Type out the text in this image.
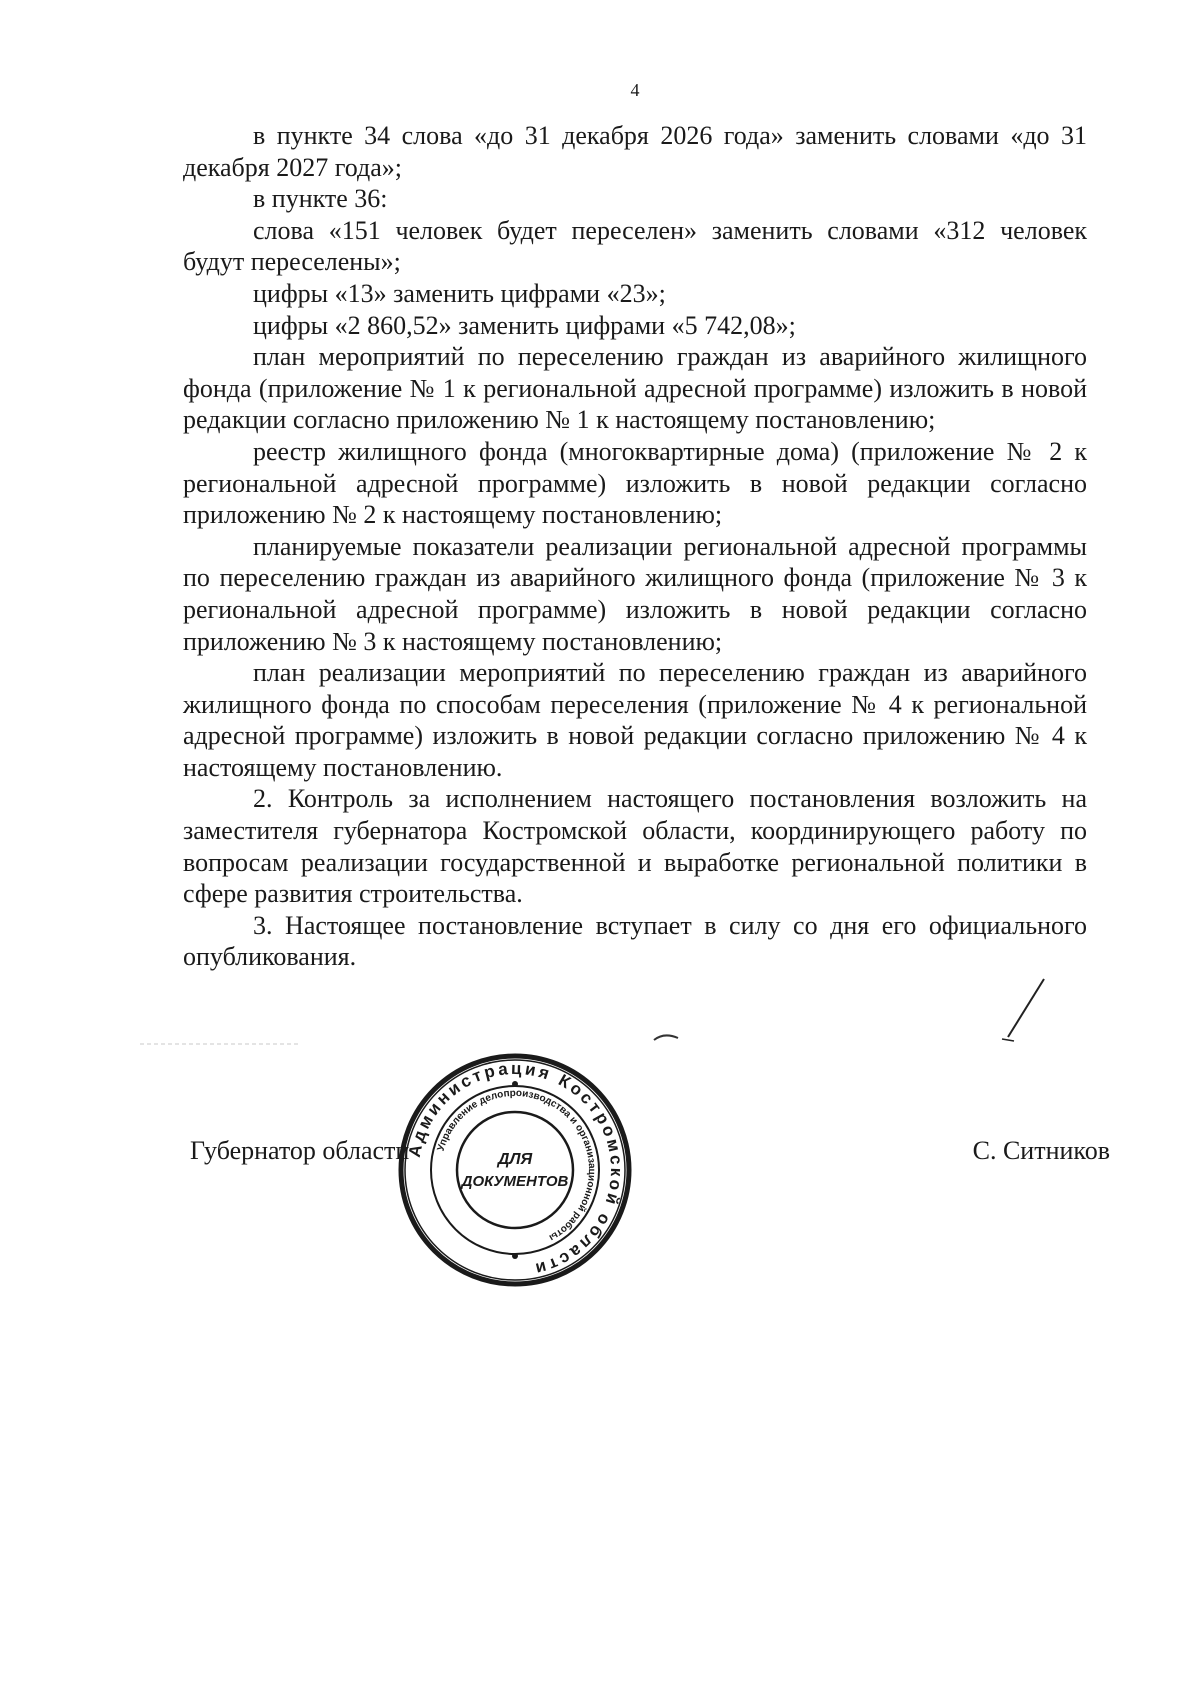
4

в пункте 34 слова «до 31 декабря 2026 года» заменить словами «до 31 декабря 2027 года»;

в пункте 36:

слова «151 человек будет переселен» заменить словами «312 человек будут переселены»;

цифры «13» заменить цифрами «23»;

цифры «2 860,52» заменить цифрами «5 742,08»;

план мероприятий по переселению граждан из аварийного жилищного фонда (приложение № 1 к региональной адресной программе) изложить в новой редакции согласно приложению № 1 к настоящему постановлению;

реестр жилищного фонда (многоквартирные дома) (приложение № 2 к региональной адресной программе) изложить в новой редакции согласно приложению № 2 к настоящему постановлению;

планируемые показатели реализации региональной адресной программы по переселению граждан из аварийного жилищного фонда (приложение № 3 к региональной адресной программе) изложить в новой редакции согласно приложению № 3 к настоящему постановлению;

план реализации мероприятий по переселению граждан из аварийного жилищного фонда по способам переселения (приложение № 4 к региональной адресной программе) изложить в новой редакции согласно приложению № 4 к настоящему постановлению.

2. Контроль за исполнением настоящего постановления возложить на заместителя губернатора Костромской области, координирующего работу по вопросам реализации государственной и выработке региональной политики в сфере развития строительства.

3. Настоящее постановление вступает в силу со дня его официального опубликования.

Губернатор области	С. Ситников
Администрация Костромской области
Управление делопроизводства и организационной работы
ДЛЯ
ДОКУМЕНТОВ
